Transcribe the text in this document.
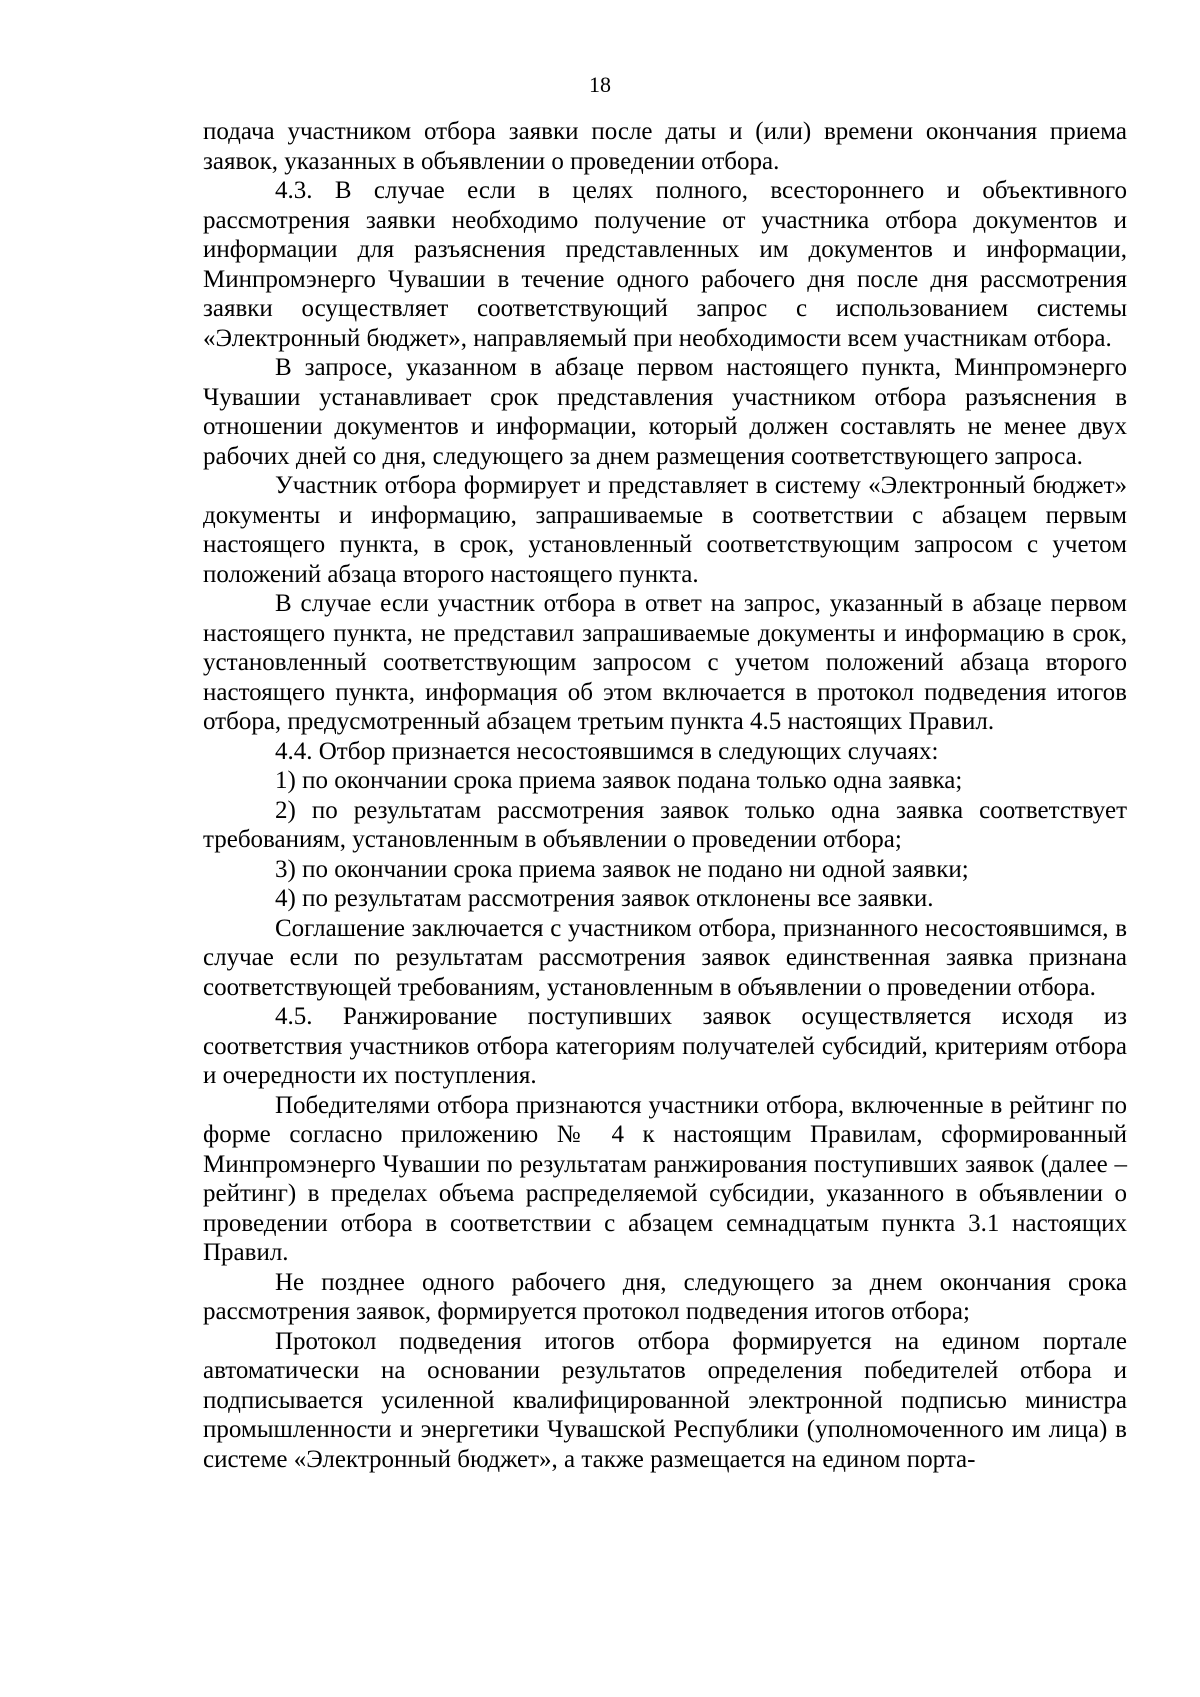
18

подача участником отбора заявки после даты и (или) времени окончания приема заявок, указанных в объявлении о проведении отбора.

4.3. В случае если в целях полного, всестороннего и объективного рассмотрения заявки необходимо получение от участника отбора документов и информации для разъяснения представленных им документов и информации, Минпромэнерго Чувашии в течение одного рабочего дня после дня рассмотрения заявки осуществляет соответствующий запрос с использованием системы «Электронный бюджет», направляемый при необходимости всем участникам отбора.

В запросе, указанном в абзаце первом настоящего пункта, Минпромэнерго Чувашии устанавливает срок представления участником отбора разъяснения в отношении документов и информации, который должен составлять не менее двух рабочих дней со дня, следующего за днем размещения соответствующего запроса.

Участник отбора формирует и представляет в систему «Электронный бюджет» документы и информацию, запрашиваемые в соответствии с абзацем первым настоящего пункта, в срок, установленный соответствующим запросом с учетом положений абзаца второго настоящего пункта.

В случае если участник отбора в ответ на запрос, указанный в абзаце первом настоящего пункта, не представил запрашиваемые документы и информацию в срок, установленный соответствующим запросом с учетом положений абзаца второго настоящего пункта, информация об этом включается в протокол подведения итогов отбора, предусмотренный абзацем третьим пункта 4.5 настоящих Правил.

4.4. Отбор признается несостоявшимся в следующих случаях:

1) по окончании срока приема заявок подана только одна заявка;

2) по результатам рассмотрения заявок только одна заявка соответствует требованиям, установленным в объявлении о проведении отбора;

3) по окончании срока приема заявок не подано ни одной заявки;

4) по результатам рассмотрения заявок отклонены все заявки.

Соглашение заключается с участником отбора, признанного несостоявшимся, в случае если по результатам рассмотрения заявок единственная заявка признана соответствующей требованиям, установленным в объявлении о проведении отбора.

4.5. Ранжирование поступивших заявок осуществляется исходя из соответствия участников отбора категориям получателей субсидий, критериям отбора и очередности их поступления.

Победителями отбора признаются участники отбора, включенные в рейтинг по форме согласно приложению № 4 к настоящим Правилам, сформированный Минпромэнерго Чувашии по результатам ранжирования поступивших заявок (далее – рейтинг) в пределах объема распределяемой субсидии, указанного в объявлении о проведении отбора в соответствии с абзацем семнадцатым пункта 3.1 настоящих Правил.

Не позднее одного рабочего дня, следующего за днем окончания срока рассмотрения заявок, формируется протокол подведения итогов отбора;

Протокол подведения итогов отбора формируется на едином портале автоматически на основании результатов определения победителей отбора и подписывается усиленной квалифицированной электронной подписью министра промышленности и энергетики Чувашской Республики (уполномоченного им лица) в системе «Электронный бюджет», а также размещается на едином порта-
